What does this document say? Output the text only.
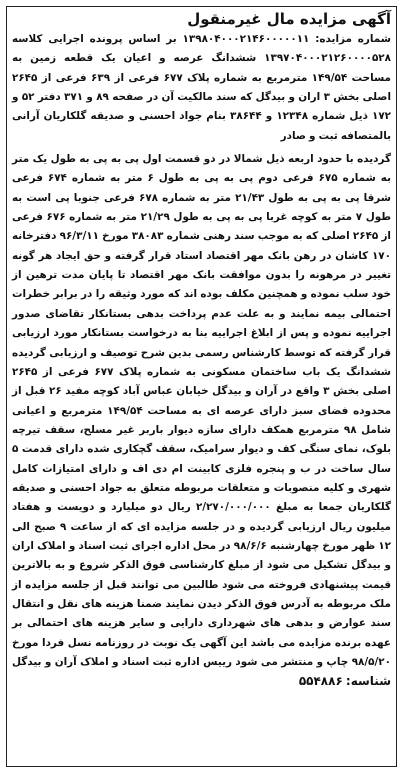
آگهی مزایده مال غیرمنقول

شماره مزایده: ۱۳۹۸۰۴۰۰۰۲۱۴۶۰۰۰۰۰۱۱ بر اساس پرونده اجرایی کلاسه ۱۳۹۷۰۴۰۰۰۲۱۲۶۰۰۰۰۵۲۸ ششدانگ عرصه و اعیان یک قطعه زمین به مساحت ۱۴۹/۵۴ مترمربع به شماره پلاک ۶۷۷ فرعی از ۶۳۹ فرعی از ۲۶۴۵ اصلی بخش ۳ اران و بیدگل که سند مالکیت آن در صفحه ۸۹ و ۳۷۱ دفتر ۵۲ و ۱۷۲ ذیل شماره ۱۲۳۴۸ و ۳۸۶۴۴ بنام جواد احسنی و صدیقه گلکاریان آرانی بالمتصافه ثبت و صادر

گردیده با حدود اربعه ذیل شمالا در دو قسمت اول پی به پی به طول یک متر به شماره ۶۷۵ فرعی دوم پی به پی به طول ۶ متر به شماره ۶۷۴ فرعی شرقا پی به پی به طول ۲۱/۴۳ متر به شماره ۶۷۸ فرعی جنوبا پی است به طول ۷ متر به کوچه غربا پی به پی به طول ۲۱/۲۹ متر به شماره ۶۷۶ فرعی از ۲۶۴۵ اصلی که به موجب سند رهنی شماره ۳۸۰۸۳ مورخ ۹۶/۳/۱۱ دفترخانه ۱۷۰ کاشان در رهن بانک مهر اقتصاد استاد قرار گرفته و حق ایجاد هر گونه تغییر در مرهونه را بدون موافقت بانک مهر اقتصاد تا پایان مدت ترهین از خود سلب نموده و همچنین مکلف بوده اند که مورد وثیقه را در برابر خطرات احتمالی بیمه نمایند و به علت عدم پرداخت بدهی بستانکار تقاضای صدور اجراییه نموده و پس از ابلاغ اجراییه بنا به درخواست بستانکار مورد ارزیابی قرار گرفته که توسط کارشناس رسمی بدین شرح توصیف و ارزیابی گردیده ششدانگ یک باب ساختمان مسکونی به شماره پلاک ۶۷۷ فرعی از ۲۶۴۵ اصلی بخش ۳ واقع در آران و بیدگل خیابان عباس آباد کوچه مفید ۲۶ قبل از محدوده فضای سبز دارای عرصه ای به مساحت ۱۴۹/۵۴ مترمربع و اعیانی شامل ۹۸ مترمربع همکف دارای سازه دیوار باربر غیر مسلح، سقف تیرچه بلوک، نمای سنگی کف و دیوار سرامیک، سقف گچکاری شده دارای قدمت ۵ سال ساخت در ب و پنجره فلزی کابینت ام دی اف و دارای امتیازات کامل شهری و کلیه منصوبات و متعلقات مربوطه متعلق به جواد احسنی و صدیقه گلکاریان جمعا به مبلغ ۲/۲۷۰/۰۰۰/۰۰۰ ریال دو میلیارد و دویست و هفتاد میلیون ریال ارزیابی گردیده و در جلسه مزایده ای که از ساعت ۹ صبح الی ۱۲ ظهر مورخ چهارشنبه ۹۸/۶/۶ در محل اداره اجرای ثبت اسناد و املاک اران و بیدگل تشکیل می شود از مبلغ کارشناسی فوق الذکر شروع و به بالاترین قیمت پیشنهادی فروخته می شود طالبین می توانند قبل از جلسه مزایده از ملک مربوطه به آدرس فوق الذکر دیدن نمایند ضمنا هزینه های نقل و انتقال سند عوارض و بدهی های شهرداری دارایی و سایر هزینه های احتمالی بر عهده برنده مزایده می باشد این آگهی یک نوبت در روزنامه نسل فردا مورخ ۹۸/۵/۲۰ چاپ و منتشر می شود رییس اداره ثبت اسناد و املاک آران و بیدگل شناسه: ۵۵۴۸۸۶
